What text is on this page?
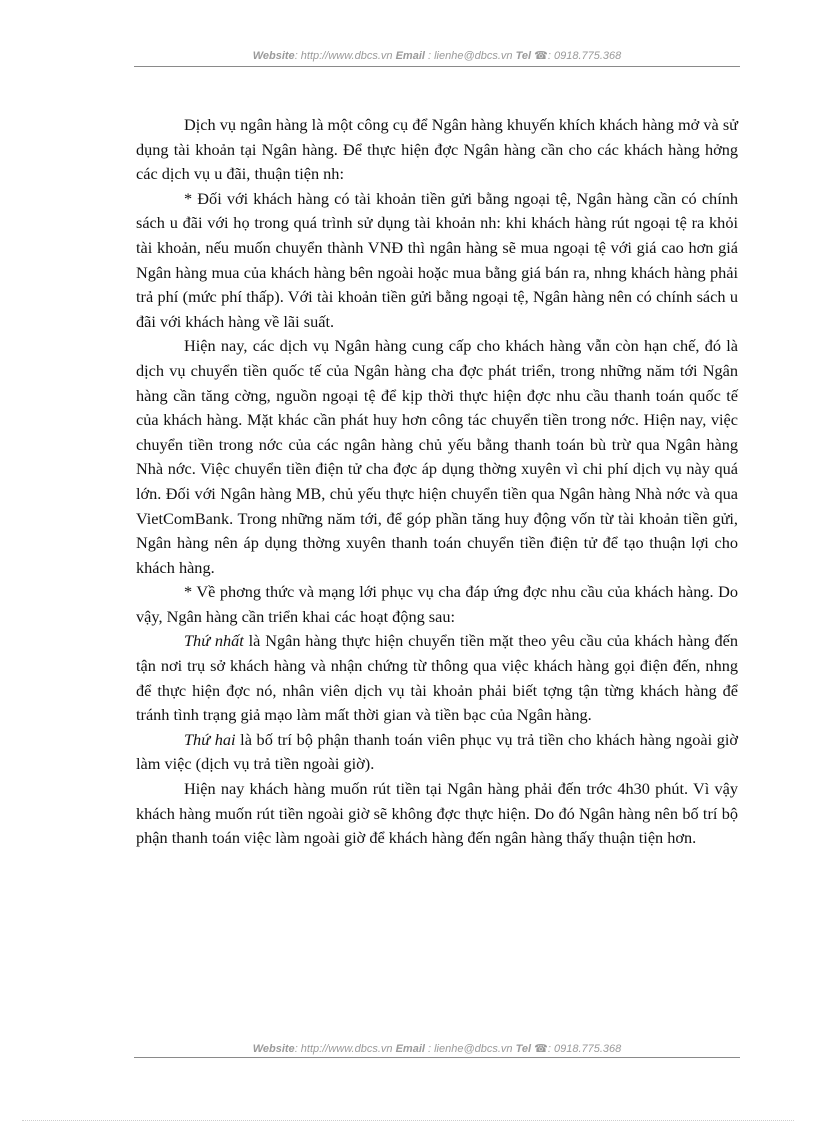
Website: http://www.dbcs.vn Email : lienhe@dbcs.vn Tel ☎: 0918.775.368

Dịch vụ ngân hàng là một công cụ để Ngân hàng khuyến khích khách hàng mở và sử dụng tài khoản tại Ngân hàng. Để thực hiện đợc Ngân hàng cần cho các khách hàng hởng các dịch vụ u đãi, thuận tiện nh:

* Đối với khách hàng có tài khoản tiền gửi bằng ngoại tệ, Ngân hàng cần có chính sách u đãi với họ trong quá trình sử dụng tài khoản nh: khi khách hàng rút ngoại tệ ra khỏi tài khoản, nếu muốn chuyển thành VNĐ thì ngân hàng sẽ mua ngoại tệ với giá cao hơn giá Ngân hàng mua của khách hàng bên ngoài hoặc mua bằng giá bán ra, nhng khách hàng phải trả phí (mức phí thấp). Với tài khoản tiền gửi bằng ngoại tệ, Ngân hàng nên có chính sách u đãi với khách hàng về lãi suất.

Hiện nay, các dịch vụ Ngân hàng cung cấp cho khách hàng vẫn còn hạn chế, đó là dịch vụ chuyển tiền quốc tế của Ngân hàng cha đợc phát triển, trong những năm tới Ngân hàng cần tăng cờng, nguồn ngoại tệ để kịp thời thực hiện đợc nhu cầu thanh toán quốc tế của khách hàng. Mặt khác cần phát huy hơn công tác chuyển tiền trong nớc. Hiện nay, việc chuyển tiền trong nớc của các ngân hàng chủ yếu bằng thanh toán bù trừ qua Ngân hàng Nhà nớc. Việc chuyển tiền điện tử cha đợc áp dụng thờng xuyên vì chi phí dịch vụ này quá lớn. Đối với Ngân hàng MB, chủ yếu thực hiện chuyển tiền qua Ngân hàng Nhà nớc và qua VietComBank. Trong những năm tới, để góp phần tăng huy động vốn từ tài khoản tiền gửi, Ngân hàng nên áp dụng thờng xuyên thanh toán chuyển tiền điện tử để tạo thuận lợi cho khách hàng.

* Về phơng thức và mạng lới phục vụ cha đáp ứng đợc nhu cầu của khách hàng. Do vậy, Ngân hàng cần triển khai các hoạt động sau:

Thứ nhất là Ngân hàng thực hiện chuyển tiền mặt theo yêu cầu của khách hàng đến tận nơi trụ sở khách hàng và nhận chứng từ thông qua việc khách hàng gọi điện đến, nhng để thực hiện đợc nó, nhân viên dịch vụ tài khoản phải biết tợng tận từng khách hàng để tránh tình trạng giả mạo làm mất thời gian và tiền bạc của Ngân hàng.

Thứ hai là bố trí bộ phận thanh toán viên phục vụ trả tiền cho khách hàng ngoài giờ làm việc (dịch vụ trả tiền ngoài giờ).

Hiện nay khách hàng muốn rút tiền tại Ngân hàng phải đến trớc 4h30 phút. Vì vậy khách hàng muốn rút tiền ngoài giờ sẽ không đợc thực hiện. Do đó Ngân hàng nên bố trí bộ phận thanh toán việc làm ngoài giờ để khách hàng đến ngân hàng thấy thuận tiện hơn.

Website: http://www.dbcs.vn Email : lienhe@dbcs.vn Tel ☎: 0918.775.368
